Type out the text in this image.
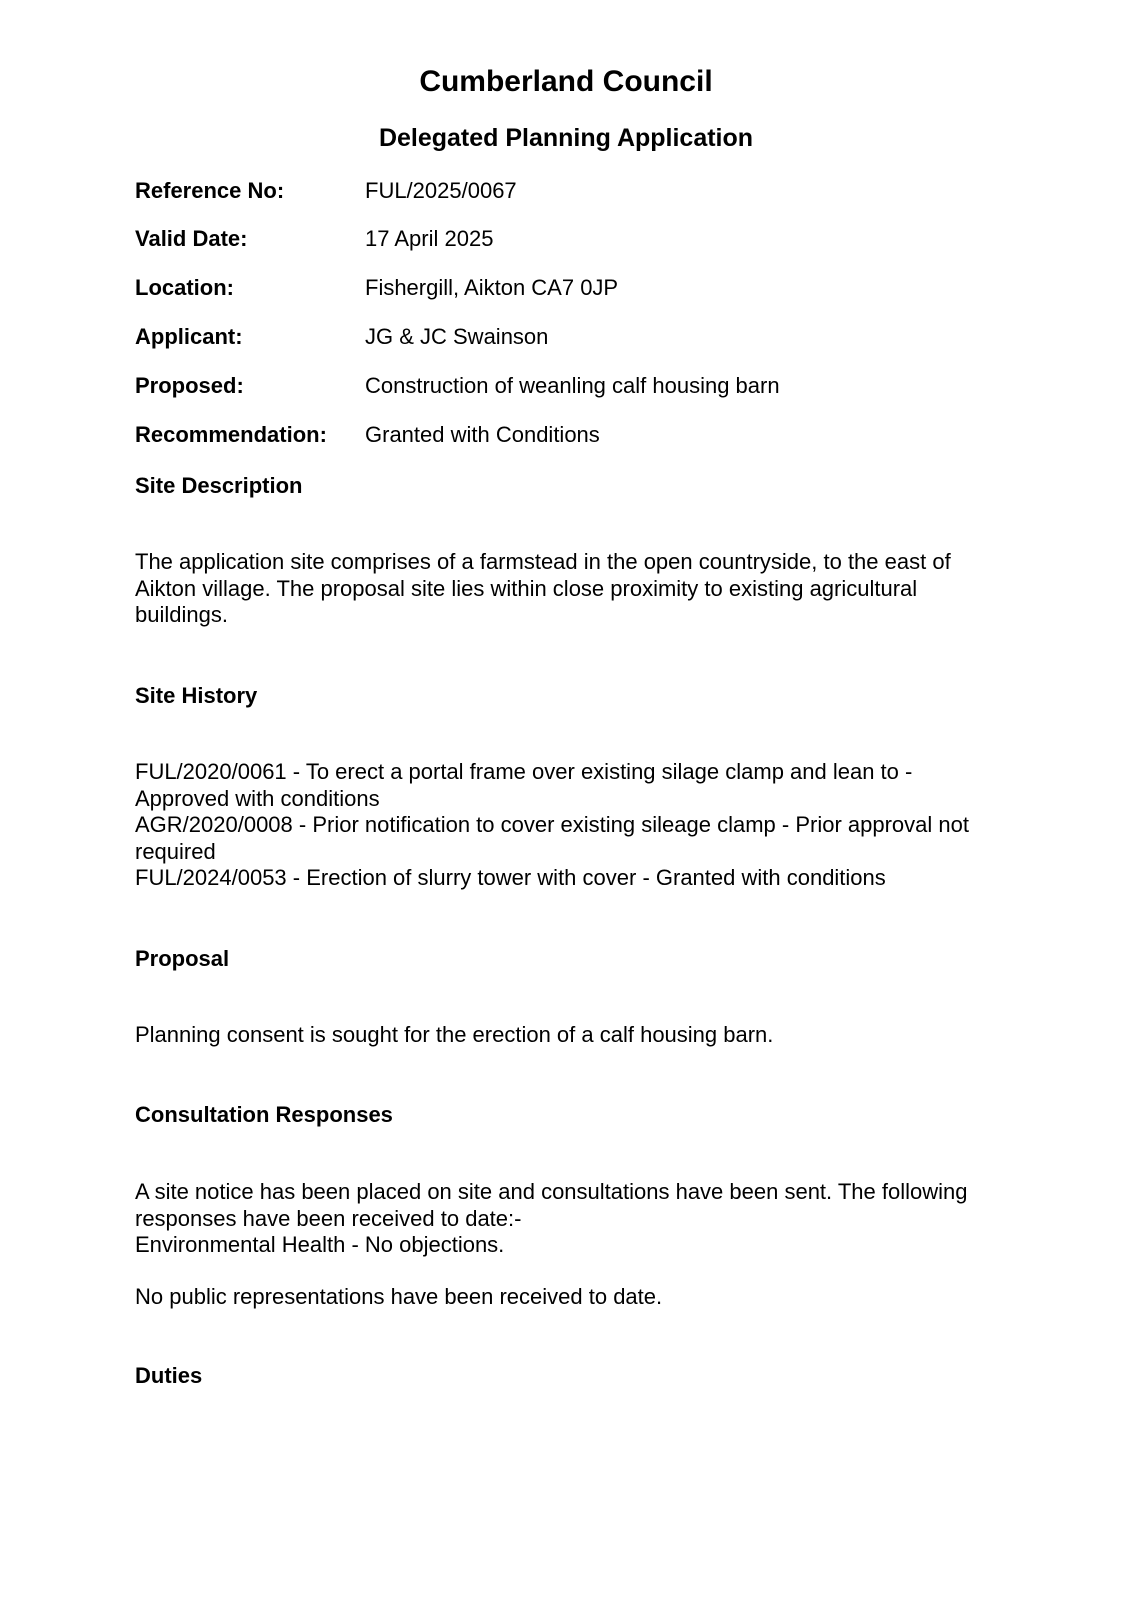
Cumberland Council
Delegated Planning Application
Reference No:	FUL/2025/0067
Valid Date:	17 April 2025
Location:	Fishergill, Aikton CA7 0JP
Applicant:	JG & JC Swainson
Proposed:	Construction of weanling calf housing barn
Recommendation: Granted with Conditions
Site Description

The application site comprises of a farmstead in the open countryside, to the east of
Aikton village. The proposal site lies within close proximity to existing agricultural
buildings.

Site History

FUL/2020/0061 - To erect a portal frame over existing silage clamp and lean to -
Approved with conditions
AGR/2020/0008 - Prior notification to cover existing sileage clamp - Prior approval not
required
FUL/2024/0053 - Erection of slurry tower with cover - Granted with conditions

Proposal

Planning consent is sought for the erection of a calf housing barn.

Consultation Responses

A site notice has been placed on site and consultations have been sent. The following
responses have been received to date:-
Environmental Health - No objections.

No public representations have been received to date.

Duties
